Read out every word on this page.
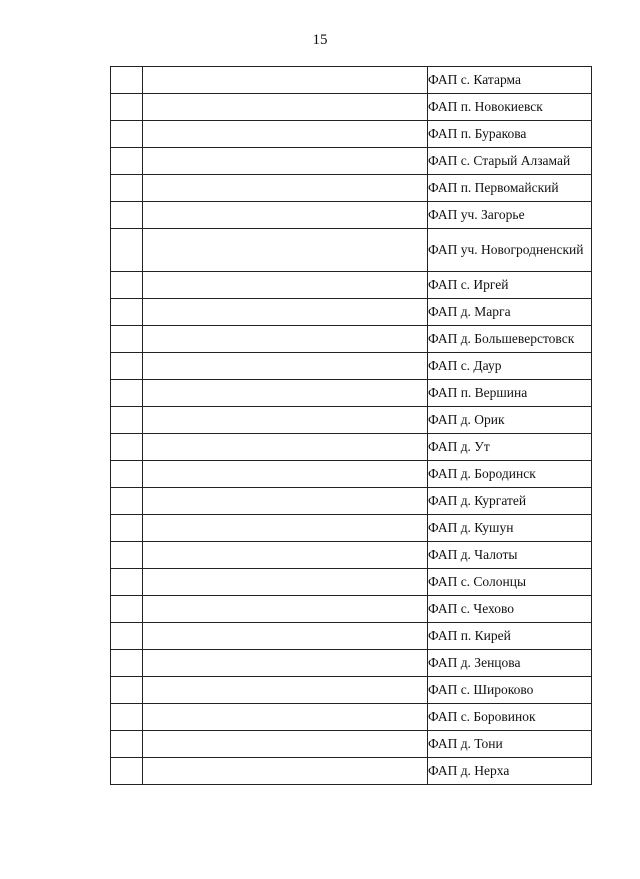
15
		ФАП с. Катарма
		ФАП п. Новокиевск
		ФАП п. Буракова
		ФАП с. Старый Алзамай
		ФАП п. Первомайский
		ФАП уч. Загорье
		ФАП уч. Новогродненский
		ФАП с. Иргей
		ФАП д. Марга
		ФАП д. Большеверстовск
		ФАП с. Даур
		ФАП п. Вершина
		ФАП д. Орик
		ФАП д. Ут
		ФАП д. Бородинск
		ФАП д. Кургатей
		ФАП д. Кушун
		ФАП д. Чалоты
		ФАП с. Солонцы
		ФАП с. Чехово
		ФАП п. Кирей
		ФАП д. Зенцова
		ФАП с. Широково
		ФАП с. Боровинок
		ФАП д. Тони
		ФАП д. Нерха
